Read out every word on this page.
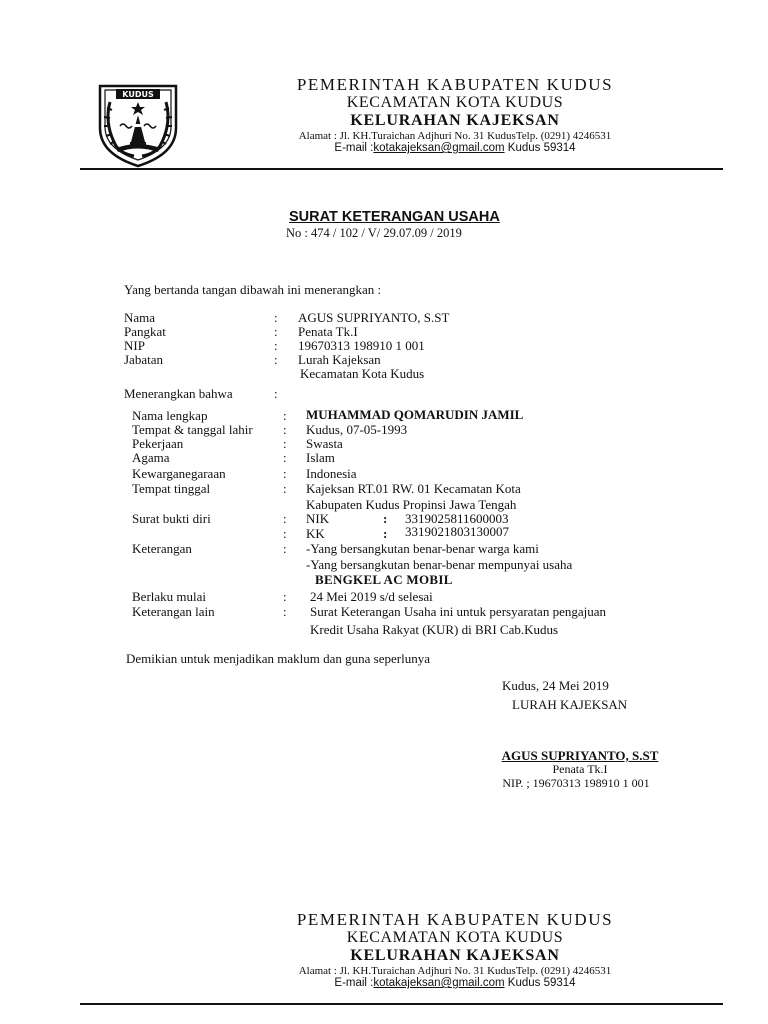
KUDUS
PEMERINTAH KABUPATEN KUDUS
KECAMATAN KOTA KUDUS
KELURAHAN KAJEKSAN
Alamat : Jl. KH.Turaichan Adjhuri No. 31 KudusTelp. (0291) 4246531
E-mail :kotakajeksan@gmail.com Kudus 59314
SURAT KETERANGAN USAHA
No : 474 / 102 / V/ 29.07.09 / 2019
Yang bertanda tangan dibawah ini menerangkan :
Nama	: AGUS SUPRIYANTO, S.ST
Pangkat	: Penata Tk.I
NIP	: 19670313 198910 1 001
Jabatan	: Lurah Kajeksan
Kecamatan Kota Kudus
Menerangkan bahwa	:
Nama lengkap	: MUHAMMAD QOMARUDIN JAMIL
Tempat & tanggal lahir : Kudus, 07-05-1993
Pekerjaan	: Swasta
Agama	: Islam
Kewarganegaraan	: Indonesia
Tempat tinggal	: Kajeksan RT.01 RW. 01 Kecamatan Kota
Kabupaten Kudus Propinsi Jawa Tengah
Surat bukti diri	: NIK	: 3319025811600003
: KK	: 3319021803130007
Keterangan	: -Yang bersangkutan benar-benar warga kami
-Yang bersangkutan benar-benar mempunyai usaha
BENGKEL AC MOBIL
Berlaku mulai	: 24 Mei 2019 s/d selesai
Keterangan lain	: Surat Keterangan Usaha ini untuk persyaratan pengajuan
Kredit Usaha Rakyat (KUR) di BRI Cab.Kudus
Demikian untuk menjadikan maklum dan guna seperlunya
Kudus, 24 Mei 2019
LURAH KAJEKSAN
AGUS SUPRIYANTO, S.ST
Penata Tk.I
NIP. ; 19670313 198910 1 001
PEMERINTAH KABUPATEN KUDUS
KECAMATAN KOTA KUDUS
KELURAHAN KAJEKSAN
Alamat : Jl. KH.Turaichan Adjhuri No. 31 KudusTelp. (0291) 4246531
E-mail :kotakajeksan@gmail.com Kudus 59314
